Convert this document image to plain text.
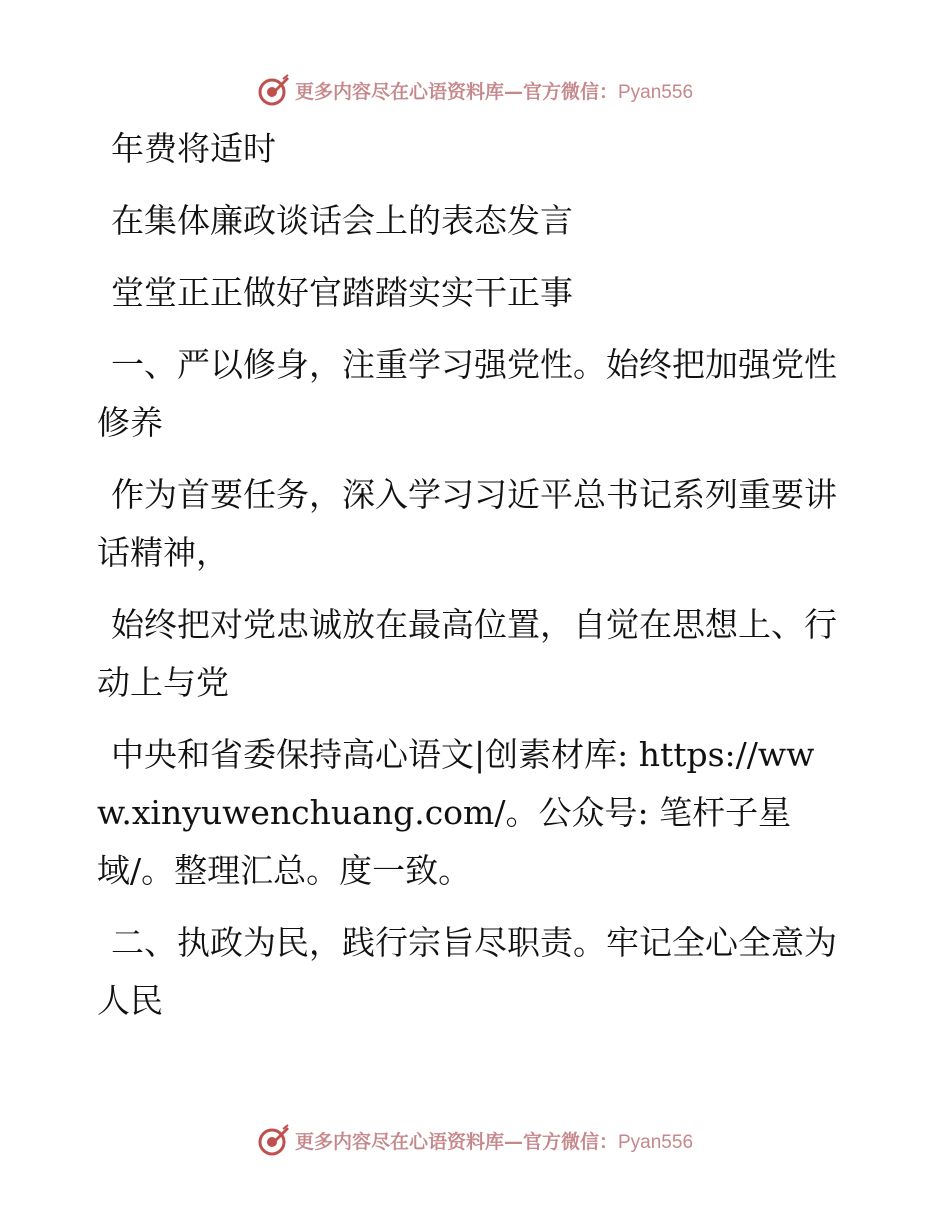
更多内容尽在心语资料库—官方微信：Pyan556

年费将适时

在集体廉政谈话会上的表态发言

堂堂正正做好官踏踏实实干正事

一、严以修身，注重学习强党性。始终把加强党性修养

作为首要任务，深入学习习近平总书记系列重要讲话精神，

始终把对党忠诚放在最高位置，自觉在思想上、行动上与党

中央和省委保持高心语文|创素材库: https://www.xinyuwenchuang.com/。公众号: 笔杆子星域/。整理汇总。度一致。

二、执政为民，践行宗旨尽职责。牢记全心全意为人民

更多内容尽在心语资料库—官方微信：Pyan556
